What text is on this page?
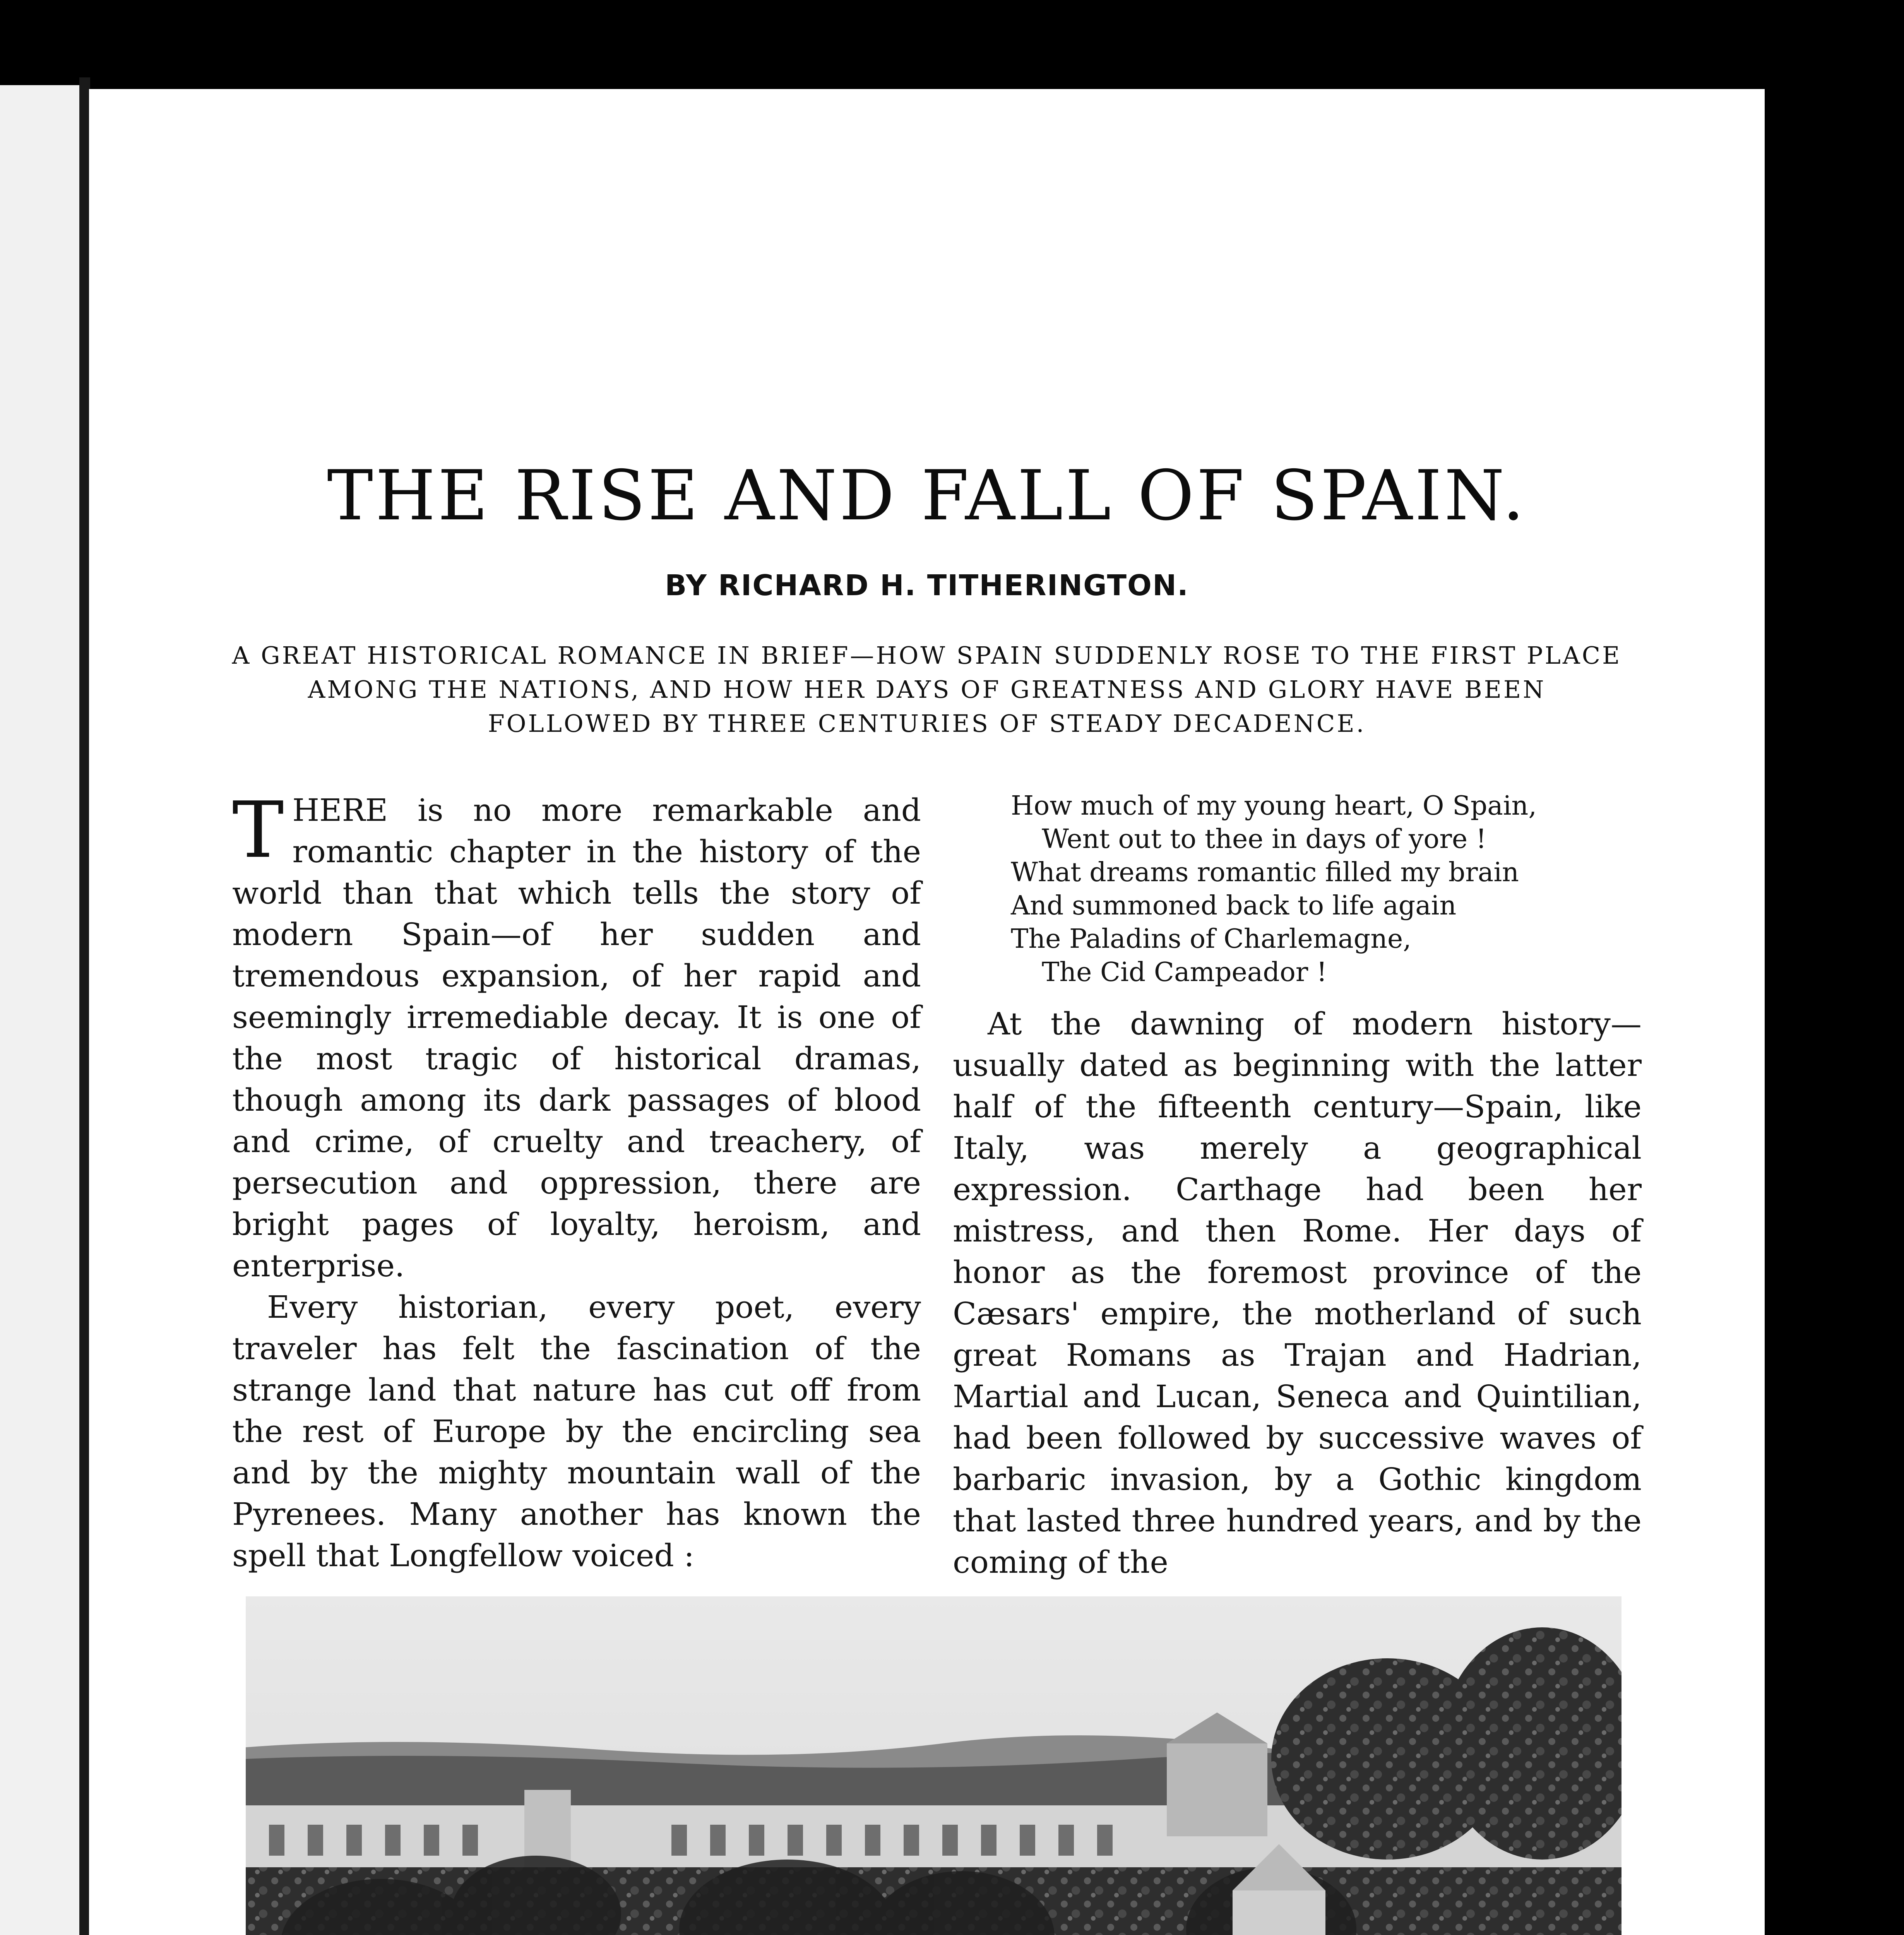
THE RISE AND FALL OF SPAIN.
BY RICHARD H. TITHERINGTON.
A GREAT HISTORICAL ROMANCE IN BRIEF—HOW SPAIN SUDDENLY ROSE TO THE FIRST PLACE AMONG THE NATIONS, AND HOW HER DAYS OF GREATNESS AND GLORY HAVE BEEN FOLLOWED BY THREE CENTURIES OF STEADY DECADENCE.

THERE is no more remarkable and romantic chapter in the history of the world than that which tells the story of modern Spain—of her sudden and tremendous expansion, of her rapid and seemingly irremediable decay. It is one of the most tragic of historical dramas, though among its dark passages of blood and crime, of cruelty and treachery, of persecution and oppression, there are bright pages of loyalty, heroism, and enterprise.

Every historian, every poet, every traveler has felt the fascination of the strange land that nature has cut off from the rest of Europe by the encircling sea and by the mighty mountain wall of the Pyrenees. Many another has known the spell that Longfellow voiced :

How much of my young heart, O Spain,
Went out to thee in days of yore !
What dreams romantic filled my brain
And summoned back to life again
The Paladins of Charlemagne,
The Cid Campeador !

At the dawning of modern history—usually dated as beginning with the latter half of the fifteenth century—Spain, like Italy, was merely a geographical expression. Carthage had been her mistress, and then Rome. Her days of honor as the foremost province of the Cæsars' empire, the motherland of such great Romans as Trajan and Hadrian, Martial and Lucan, Seneca and Quintilian, had been followed by successive waves of barbaric invasion, by a Gothic kingdom that lasted three hundred years, and by the coming of the
